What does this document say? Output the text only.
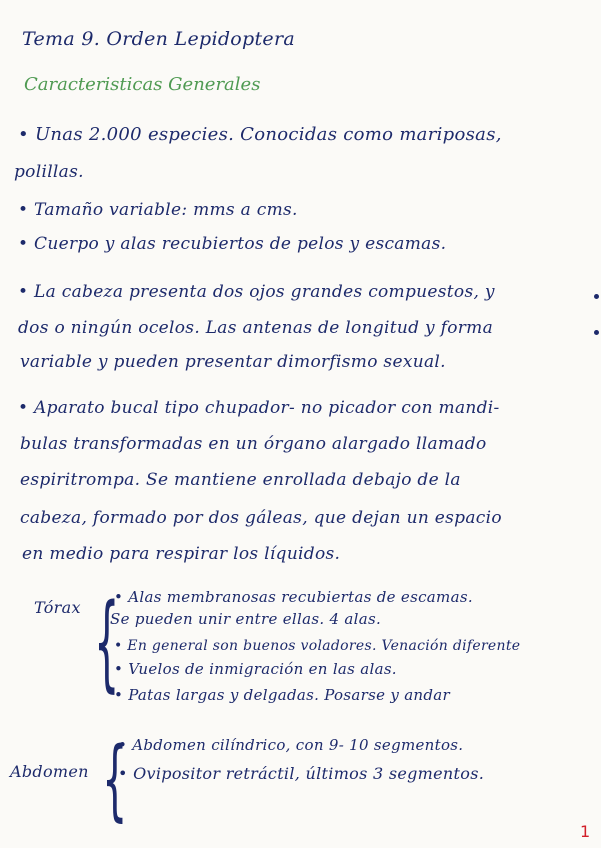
Tema 9. Orden Lepidoptera
Caracteristicas Generales
• Unas 2.000 especies. Conocidas como mariposas,
polillas.
• Tamaño variable: mms a cms.
• Cuerpo y alas recubiertos de pelos y escamas.
• La cabeza presenta dos ojos grandes compuestos, y
dos o ningún ocelos. Las antenas de longitud y forma
variable y pueden presentar dimorfismo sexual.
• Aparato bucal tipo chupador- no picador con mandi-
bulas transformadas en un órgano alargado llamado
espiritrompa. Se mantiene enrollada debajo de la
cabeza, formado por dos gáleas, que dejan un espacio
en medio para respirar los líquidos.
Tórax {
• Alas membranosas recubiertas de escamas.
Se pueden unir entre ellas. 4 alas.
• En general son buenos voladores. Venación diferente
• Vuelos de inmigración en las alas.
• Patas largas y delgadas. Posarse y andar
Abdomen {
• Abdomen cilíndrico, con 9- 10 segmentos.
• Ovipositor retráctil, últimos 3 segmentos.
1
